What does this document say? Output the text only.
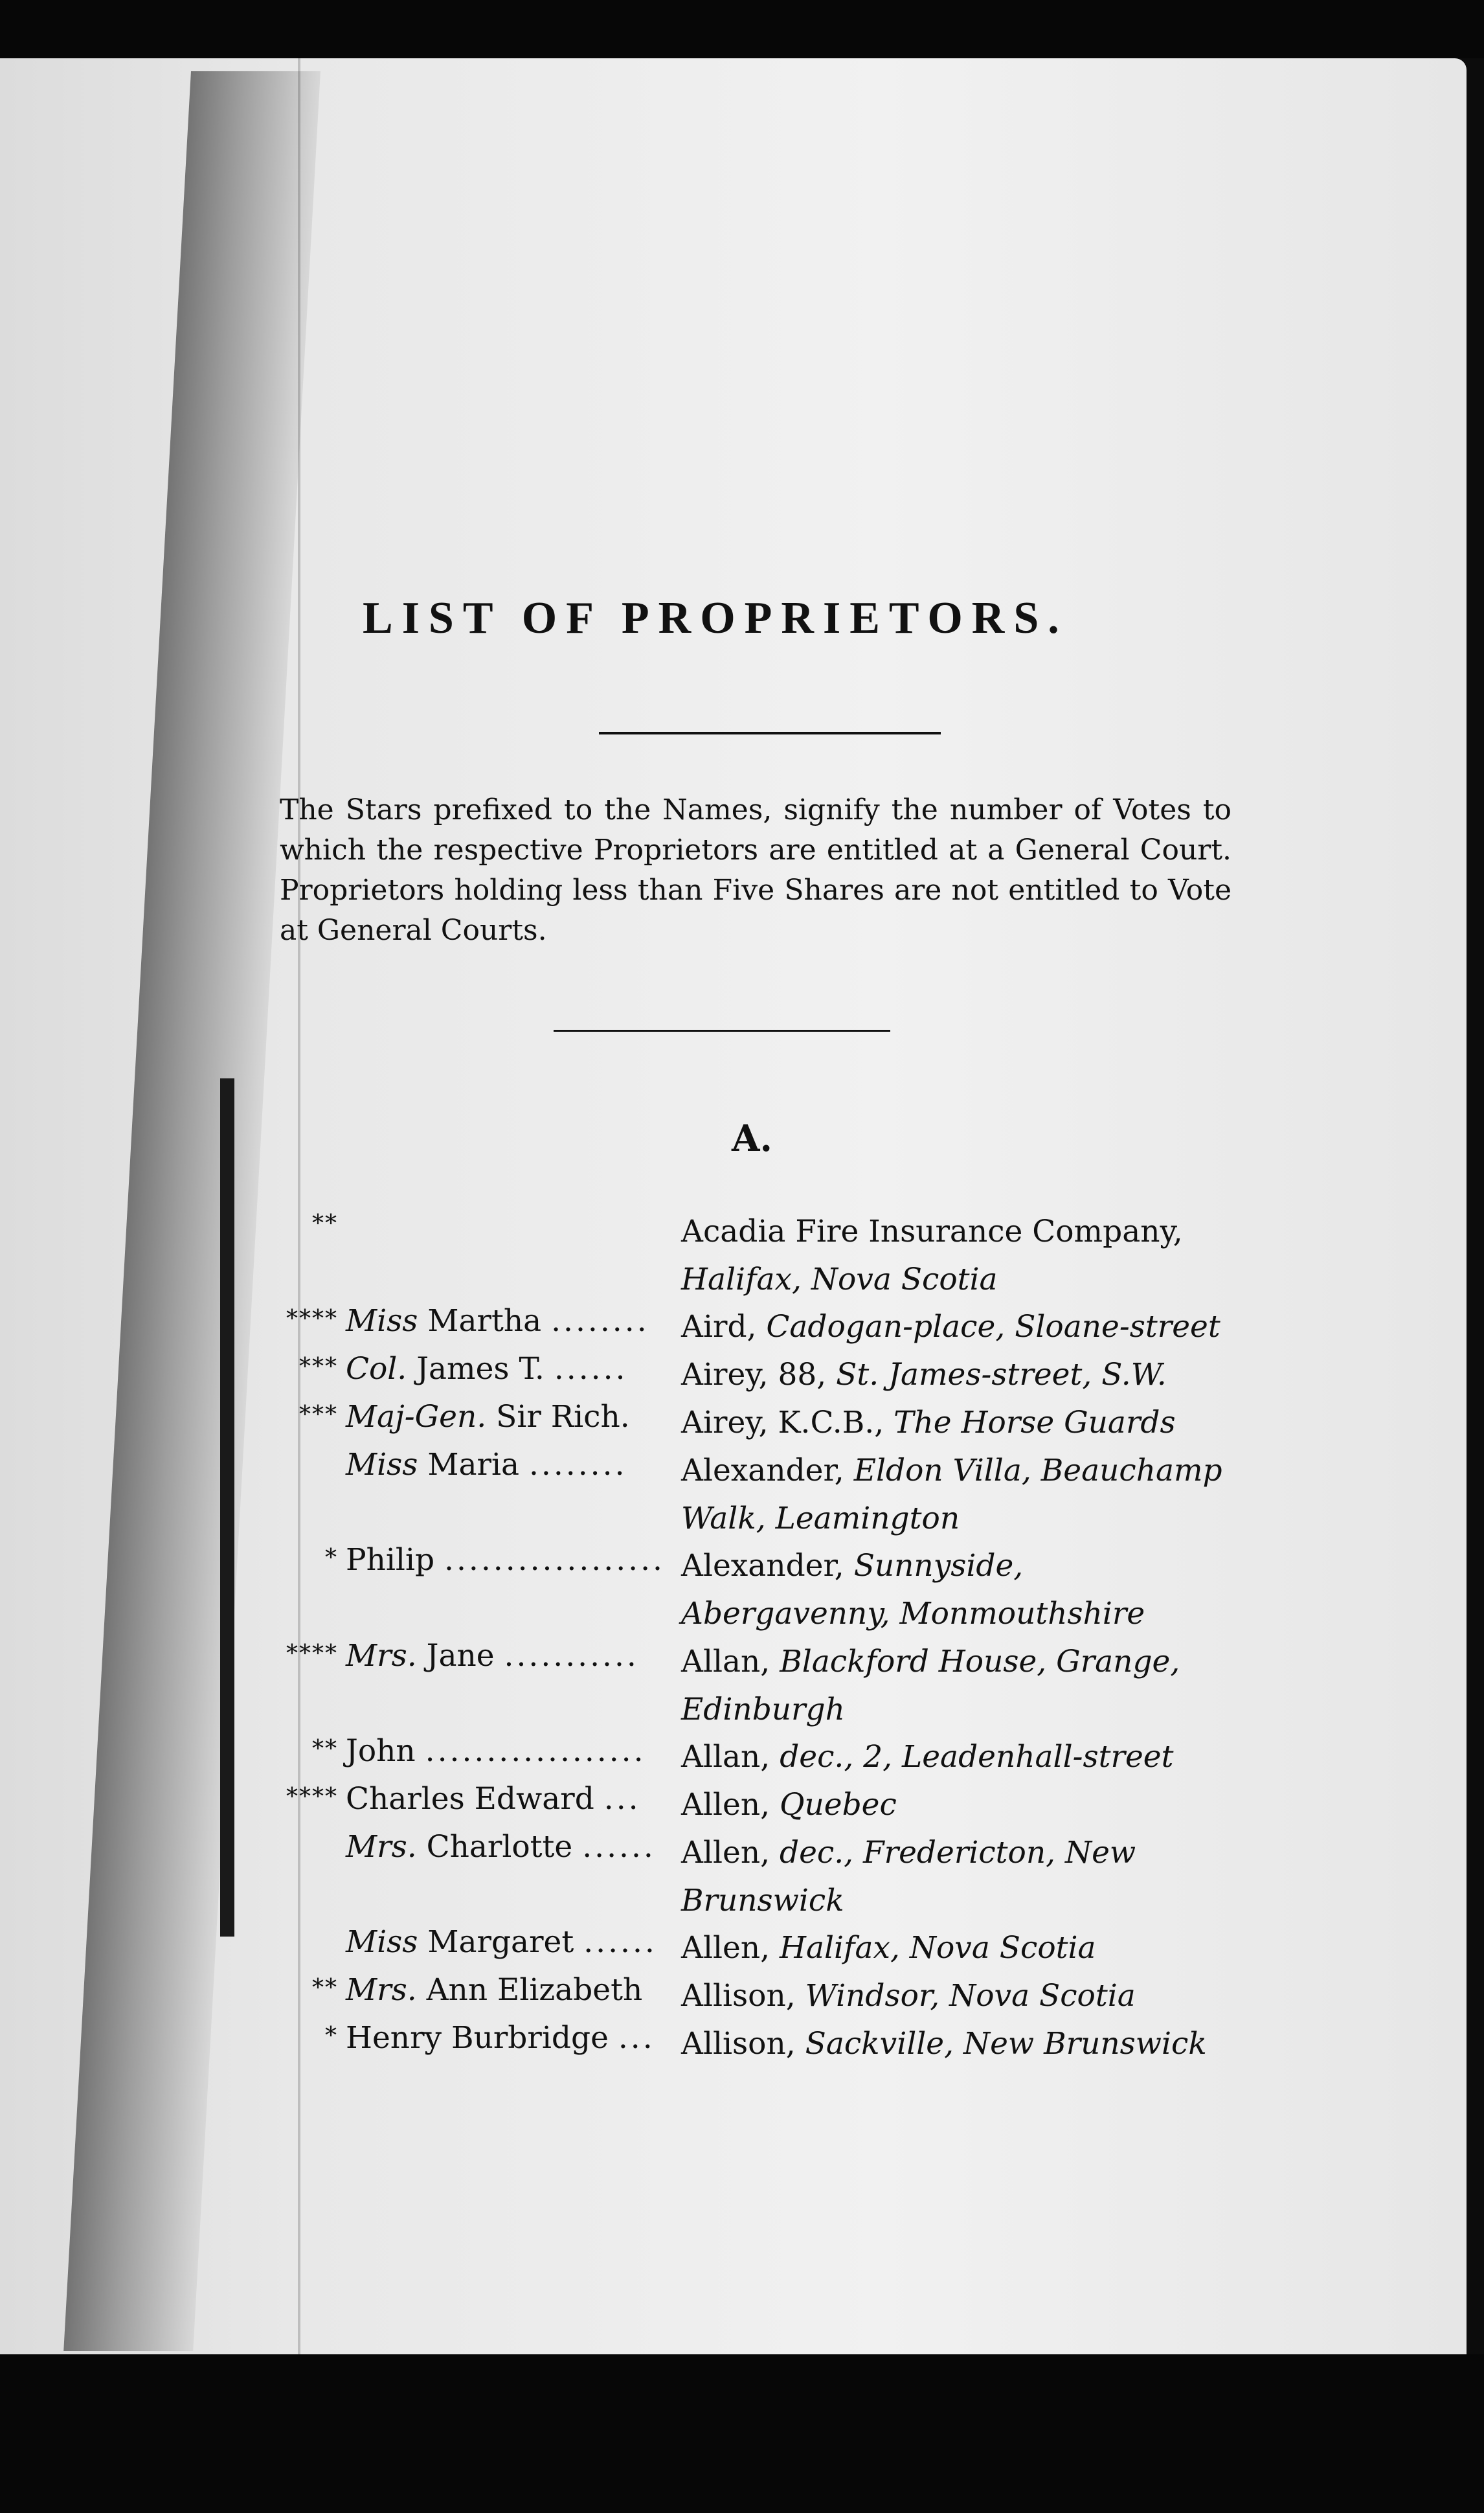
LIST OF PROPRIETORS.

The Stars prefixed to the Names, signify the number of Votes to which the respective Proprietors are entitled at a General Court. Proprietors holding less than Five Shares are not entitled to Vote at General Courts.

A.
**	Acadia Fire Insurance Company, Halifax, Nova Scotia
**** Miss Martha ........ Aird, Cadogan-place, Sloane-street
*** Col. James T. ......	Airey, 88, St. James-street, S.W.
*** Maj-Gen. Sir Rich.	Airey, K.C.B., The Horse Guards
Miss Maria ........	Alexander, Eldon Villa, Beauchamp Walk, Leamington
* Philip .................. Alexander, Sunnyside, Abergavenny, Monmouthshire
**** Mrs. Jane ...........	Allan, Blackford House, Grange, Edinburgh
** John .................. Allan, dec., 2, Leadenhall-street
**** Charles Edward ...	Allen, Quebec
Mrs. Charlotte ...... Allen, dec., Fredericton, New Brunswick
Miss Margaret ...... Allen, Halifax, Nova Scotia
** Mrs. Ann Elizabeth Allison, Windsor, Nova Scotia
* Henry Burbridge ... Allison, Sackville, New Brunswick
